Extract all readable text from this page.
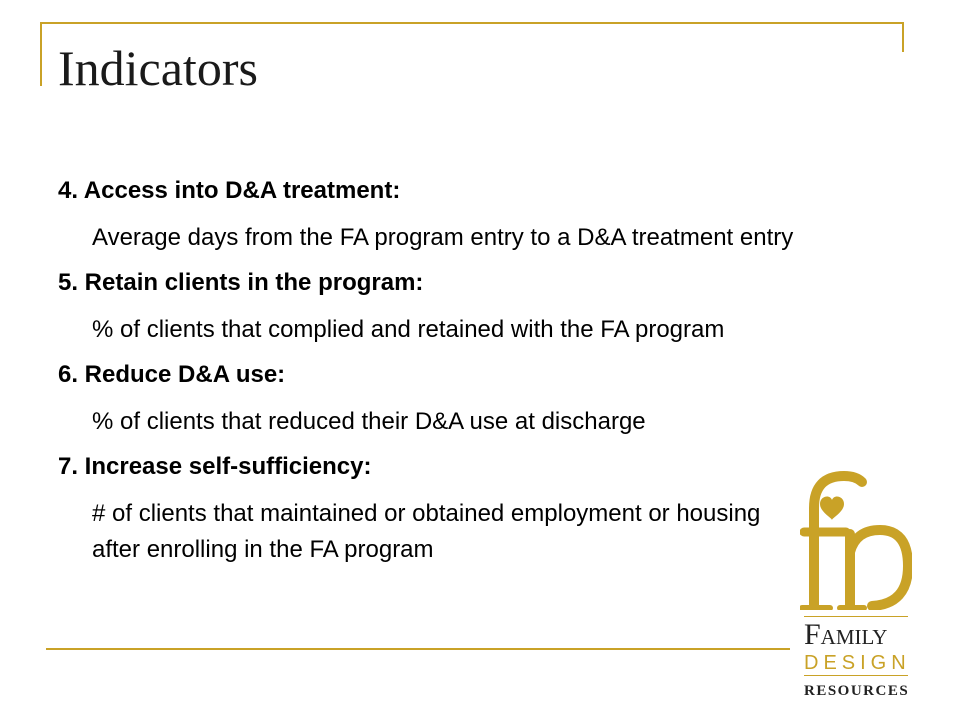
Indicators
4. Access into D&A treatment:
Average days from the FA program entry to a D&A treatment entry
5. Retain clients in the program:
% of clients that complied and retained with the FA program
6. Reduce D&A use:
% of clients that reduced their D&A use at discharge
7. Increase self-sufficiency:
# of clients that maintained or obtained employment or housing after enrolling in the FA program
Family
DESIGN
RESOURCES
